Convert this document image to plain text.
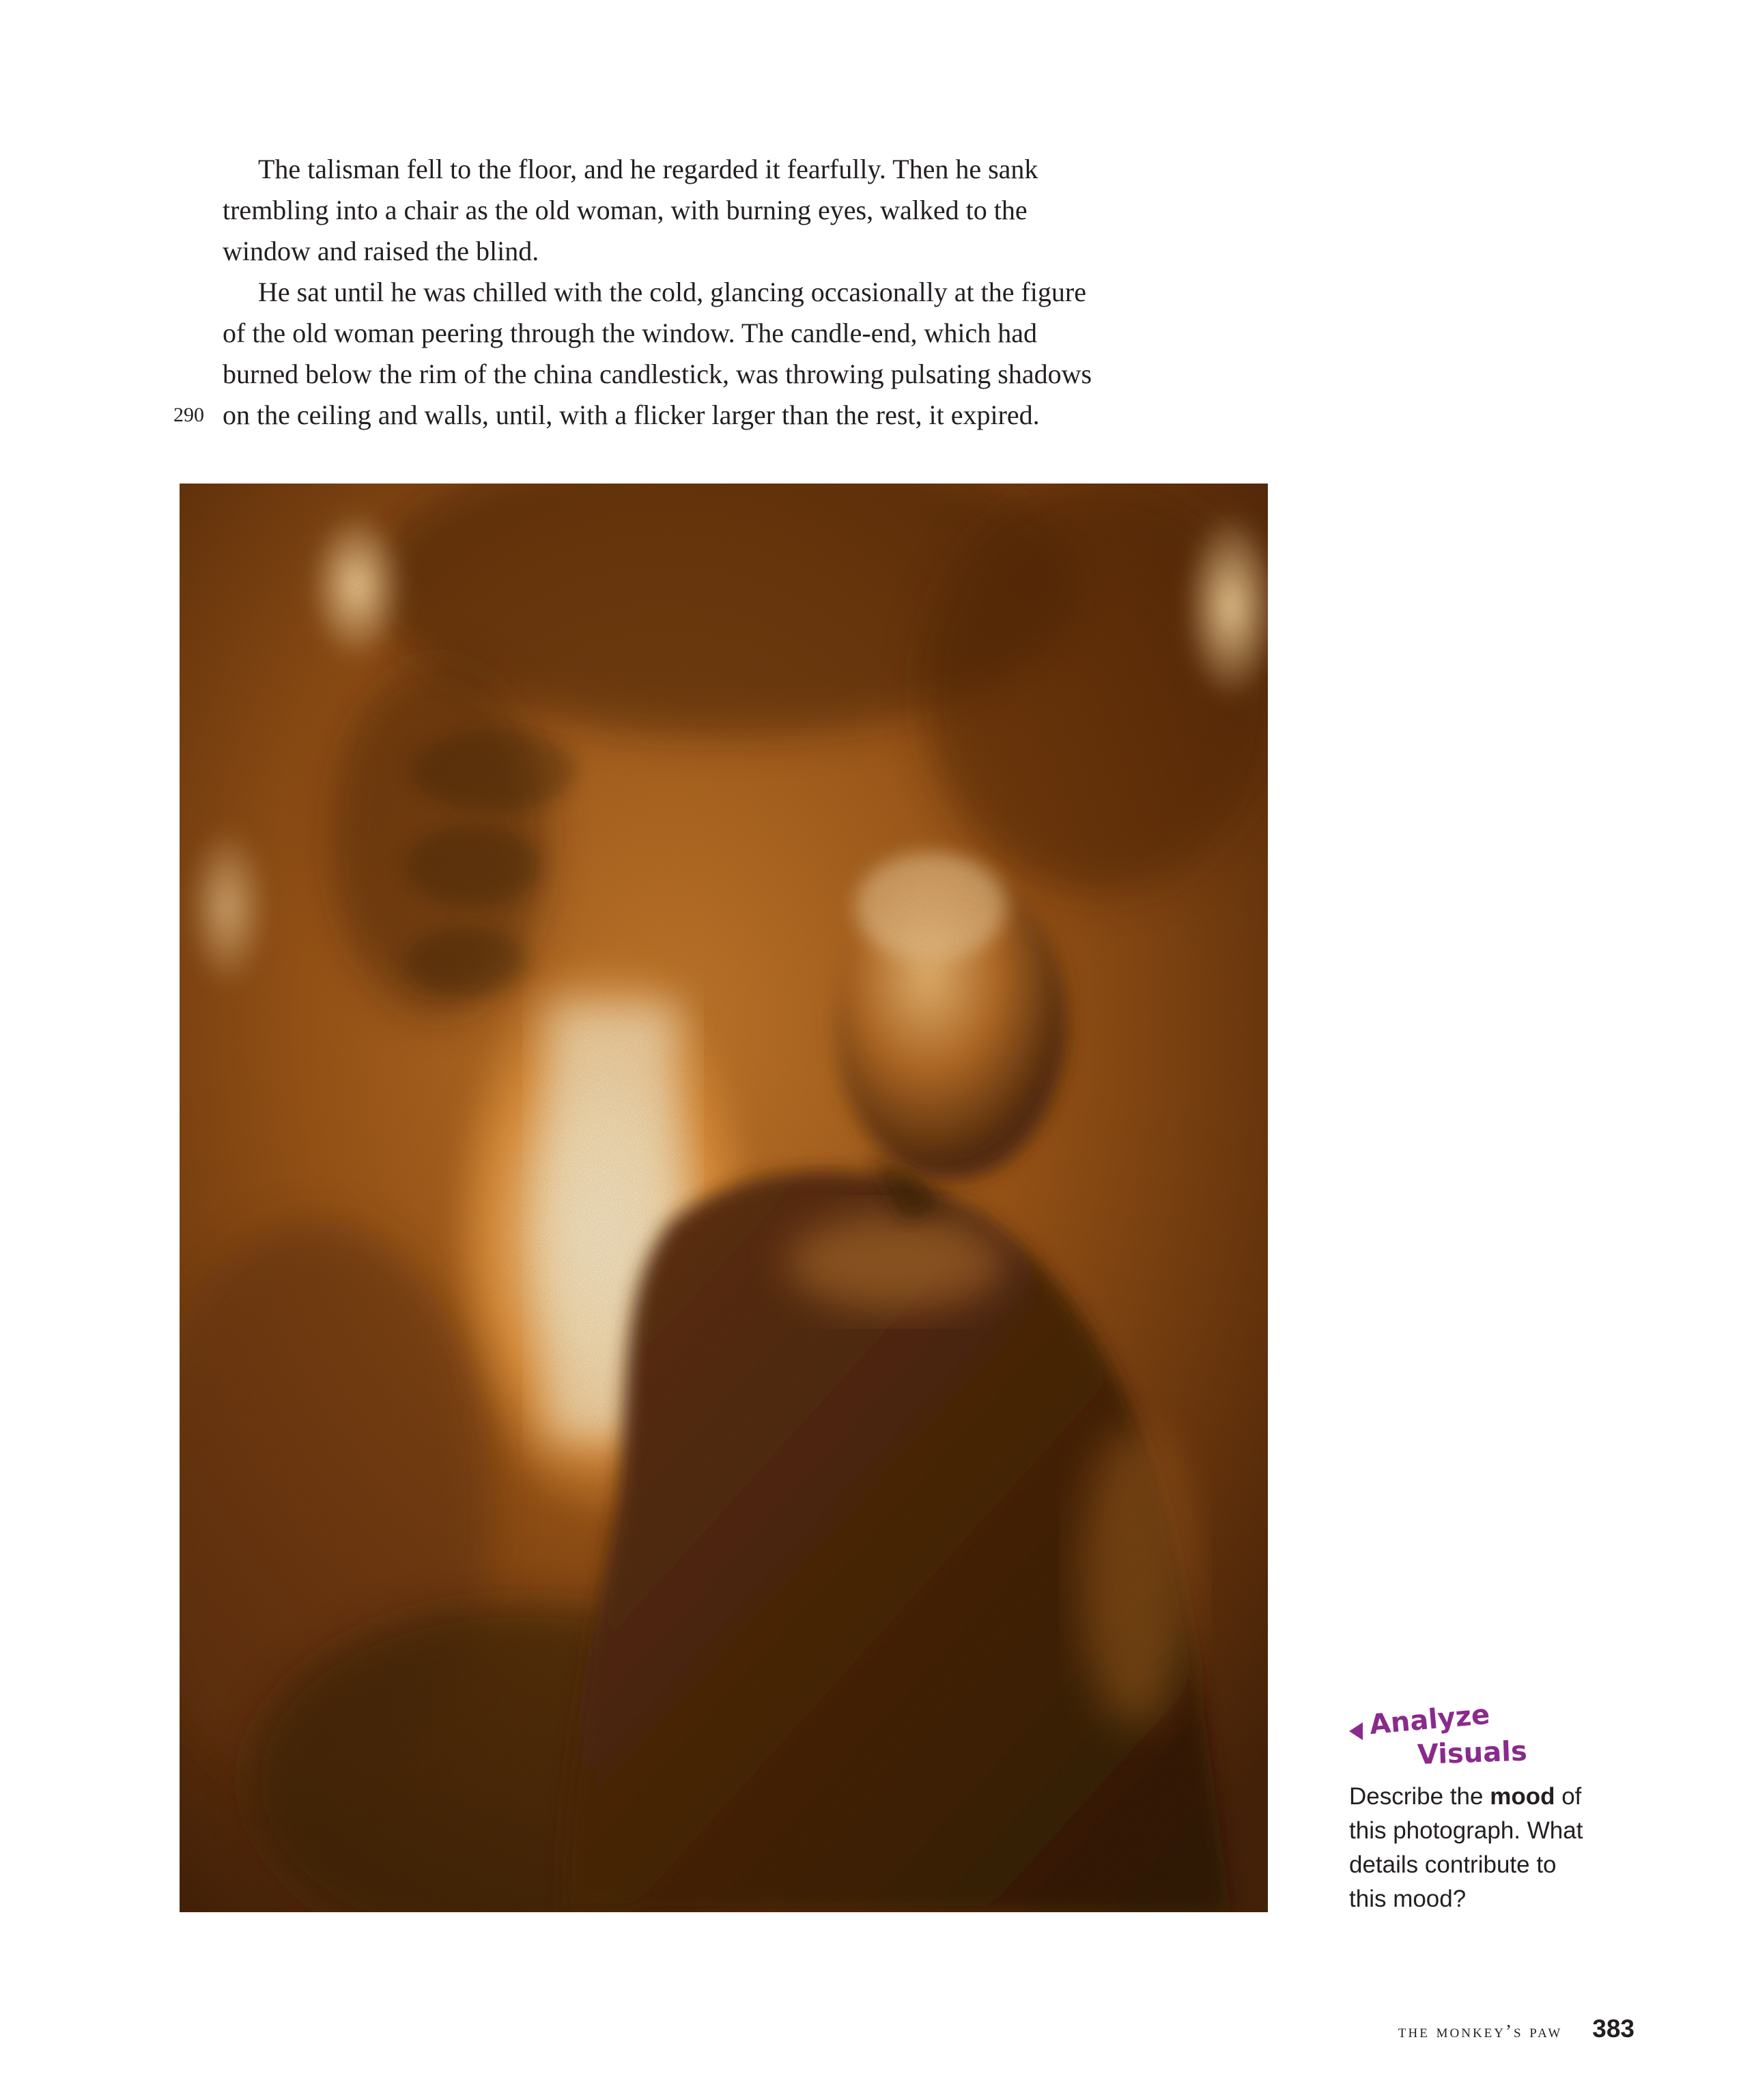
The talisman fell to the floor, and he regarded it fearfully. Then he sank
trembling into a chair as the old woman, with burning eyes, walked to the
window and raised the blind.

He sat until he was chilled with the cold, glancing occasionally at the figure
of the old woman peering through the window. The candle-end, which had
burned below the rim of the china candlestick, was throwing pulsating shadows
290 on the ceiling and walls, until, with a flicker larger than the rest, it expired.

Analyze
Visuals
Describe the mood of
this photograph. What
details contribute to
this mood?
the monkey’s paw 383
